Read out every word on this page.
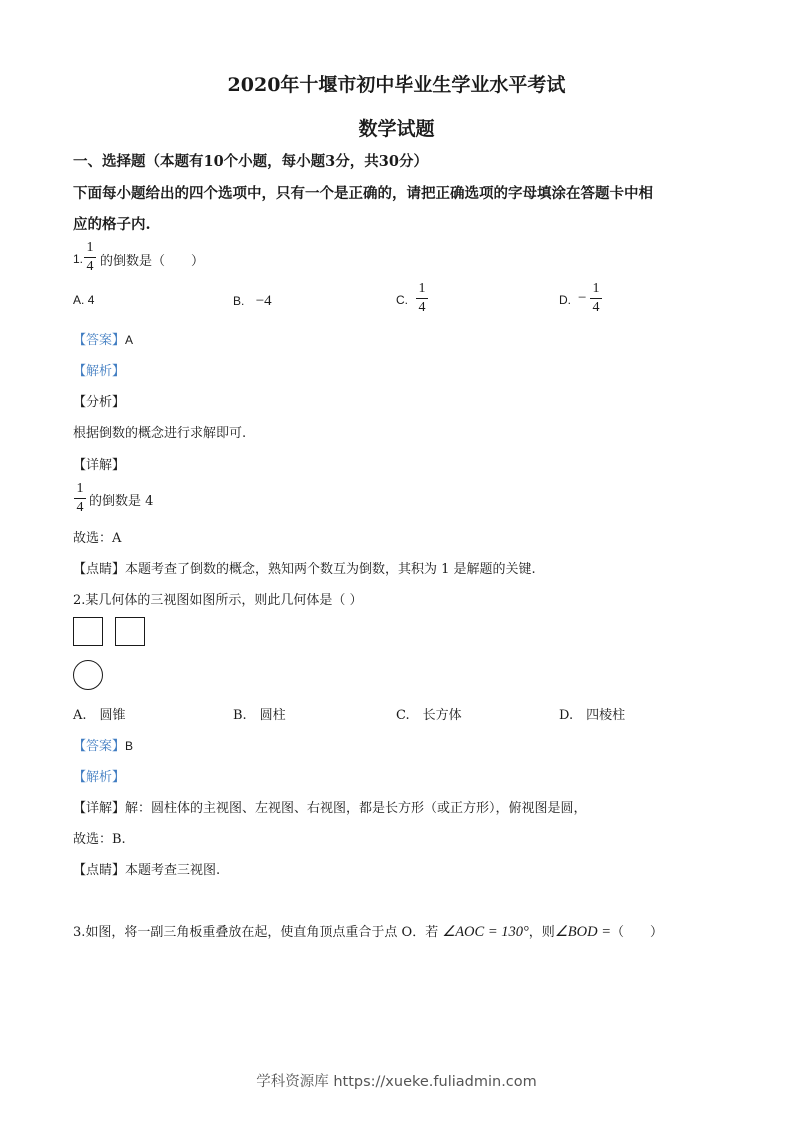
2020年十堰市初中毕业生学业水平考试
数学试题
一、选择题（本题有10个小题，每小题3分，共30分）
下面每小题给出的四个选项中，只有一个是正确的，请把正确选项的字母填涂在答题卡中相
应的格子内.
1.
1
4 的倒数是（　　）
A. 4	B. −4	C.
1
4	D. −
1
4
【答案】A
【解析】
【分析】
根据倒数的概念进行求解即可.
【详解】
1
4 的倒数是 4
故选：A
【点睛】本题考查了倒数的概念，熟知两个数互为倒数，其积为 1 是解题的关键.
2.某几何体的三视图如图所示，则此几何体是（ ）
A.　圆锥	B.　圆柱	C.　长方体	D.　四棱柱
【答案】B
【解析】
【详解】解：圆柱体的主视图、左视图、右视图，都是长方形（或正方形），俯视图是圆，
故选：B.
【点睛】本题考查三视图.
3.如图，将一副三角板重叠放在起，使直角顶点重合于点 O．若 ∠AOC = 130°，则∠BOD =（　　）
学科资源库 https://xueke.fuliadmin.com
